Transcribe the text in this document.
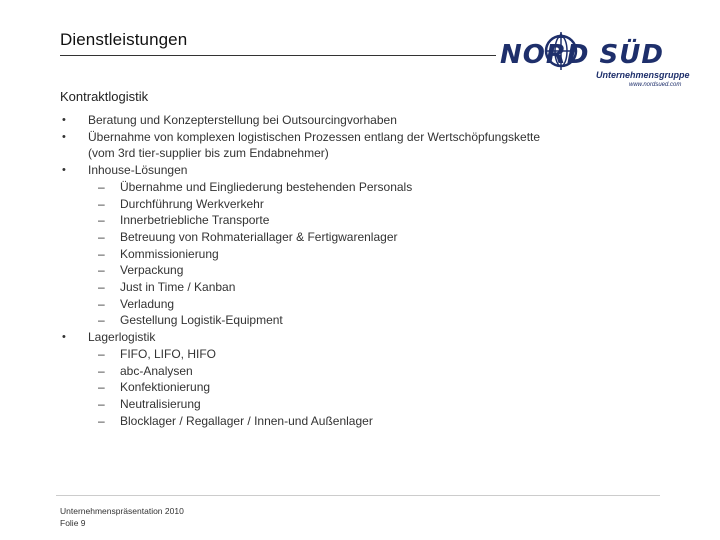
Dienstleistungen
NORD SÜD
Unternehmensgruppe
www.nordsued.com
Kontraktlogistik
• Beratung und Konzepterstellung bei Outsourcingvorhaben
• Übernahme von komplexen logistischen Prozessen entlang der Wertschöpfungskette
(vom 3rd tier-supplier bis zum Endabnehmer)
• Inhouse-Lösungen
– Übernahme und Eingliederung bestehenden Personals
– Durchführung Werkverkehr
– Innerbetriebliche Transporte
– Betreuung von Rohmateriallager & Fertigwarenlager
– Kommissionierung
– Verpackung
– Just in Time / Kanban
– Verladung
– Gestellung Logistik-Equipment
• Lagerlogistik
– FIFO, LIFO, HIFO
– abc-Analysen
– Konfektionierung
– Neutralisierung
– Blocklager / Regallager / Innen-und Außenlager
Unternehmenspräsentation 2010
Folie 9
